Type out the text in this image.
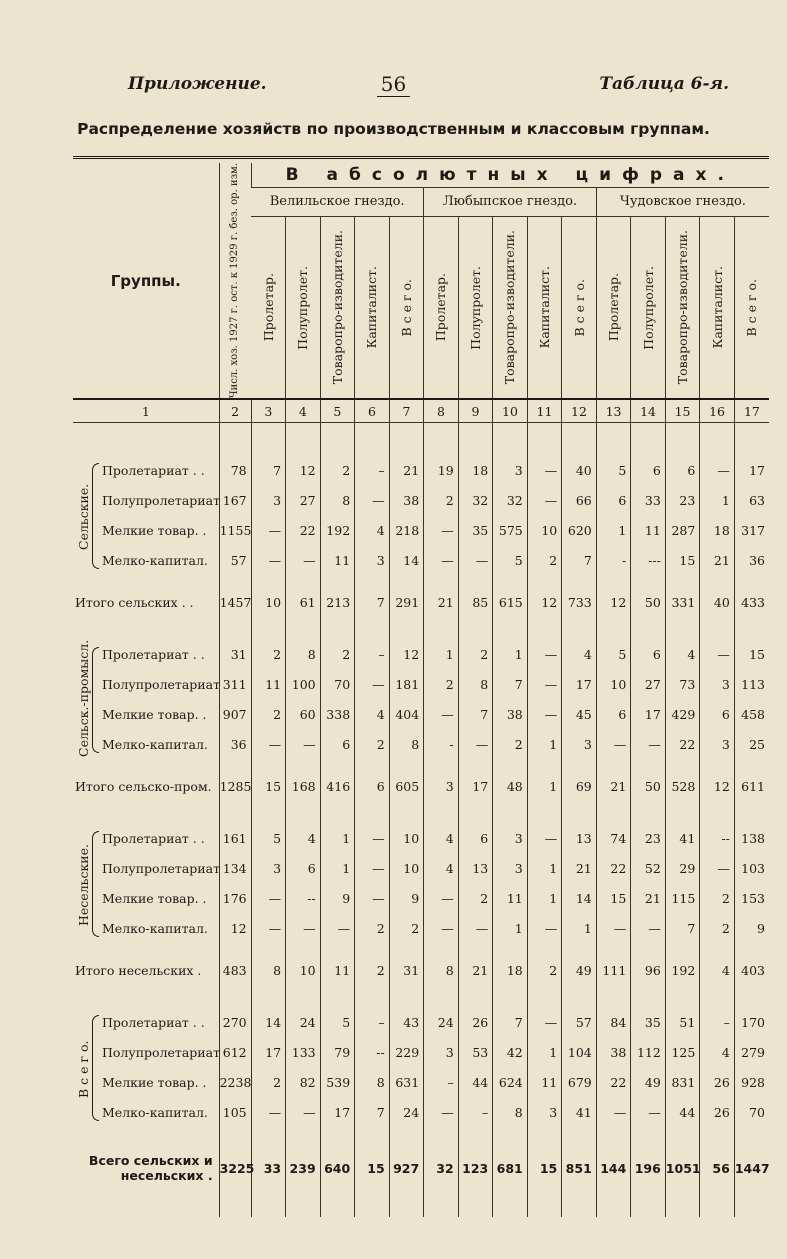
Приложение.	56	Таблица 6-я.
Распределение хозяйств по производственным и классовым группам.

Группы.	Числ. хоз. 1927 г. ост. к 1929 г. без. ор. изм.	В абсолютных цифрах.														
		Велильское гнездо.					Любыпское гнездо.					Чудовское гнездо.				

		Пролетар.	Полупролет.	Товаропро-изводители.	Капиталист.	В с е г о.	Пролетар.	Полупролет.	Товаропро-изводители.	Капиталист.	В с е г о.	Пролетар.	Полупролет.	Товаропро-изводители.	Капиталист.	В с е г о.

1	2	3	4	5	6	7	8	9	10	11	12	13	14	15	16	17

Сельские.
Пролетариат . .	78	7	12	2	–	21	19	18	3	—	40	5	6	6	—	17
Полупролетариат	167	3	27	8	—	38	2	32	32	—	66	6	33	23	1	63
Мелкие товар. .	1155	—	22	192	4	218	—	35	575	10	620	1	11	287	18	317
Мелко-капитал.	57	—	—	11	3	14	—	—	5	2	7	-	---	15	21	36

Итого сельских . .	1457	10	61	213	7	291	21	85	615	12	733	12	50	331	40	433

Сельск.-промысл. Пролетариат . .	31	2	8	2	–	12	1	2	1	—	4	5	6	4	—	15
Полупролетариат	311	11	100	70	—	181	2	8	7	—	17	10	27	73	3	113
Мелкие товар. .	907	2	60	338	4	404	—	7	38	—	45	6	17	429	6	458
Мелко-капитал.	36	—	—	6	2	8	-	—	2	1	3	—	—	22	3	25

Итого сельско-пром.	1285	15	168	416	6	605	3	17	48	1	69	21	50	528	12	611

Несельские.
Пролетариат . .	161	5	4	1	—	10	4	6	3	—	13	74	23	41	--	138
Полупролетариат	134	3	6	1	—	10	4	13	3	1	21	22	52	29	—	103
Мелкие товар. .	176	—	--	9	—	9	—	2	11	1	14	15	21	115	2	153
Мелко-капитал.	12	—	—	—	2	2	—	—	1	—	1	—	—	7	2	9

Итого несельских .	483	8	10	11	2	31	8	21	18	2	49	111	96	192	4	403

В с е г о.
Пролетариат . .	270	14	24	5	–	43	24	26	7	—	57	84	35	51	–	170
Полупролетариат	612	17	133	79	--	229	3	53	42	1	104	38	112	125	4	279
Мелкие товар. .	2238	2	82	539	8	631	–	44	624	11	679	22	49	831	26	928
Мелко-капитал.	105	—	—	17	7	24	—	–	8	3	41	—	—	44	26	70

Всего сельских и
несельских .	3225	33	239	640	15	927	32	123	681	15	851	144	196	1051	56	1447
